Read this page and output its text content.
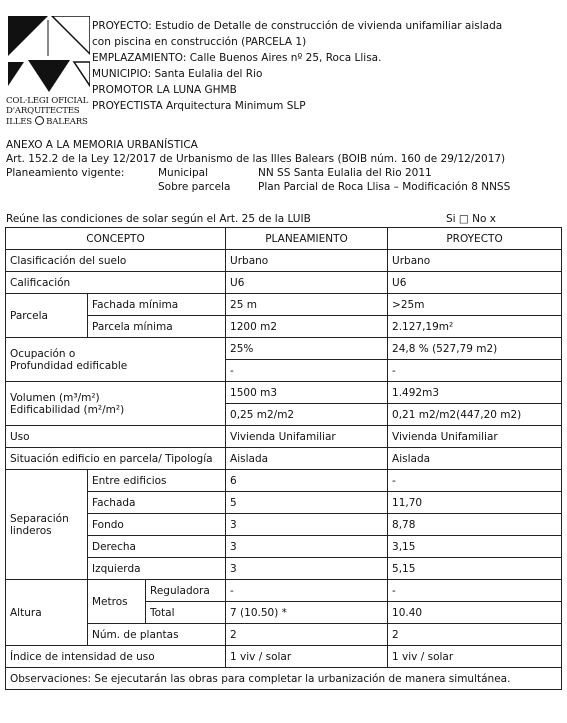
COL·LEGI OFICIAL
D'ARQUITECTES
ILLES BALEARS
PROYECTO: Estudio de Detalle de construcción de vivienda unifamiliar aislada
con piscina en construcción (PARCELA 1)
EMPLAZAMIENTO: Calle Buenos Aires nº 25, Roca Llisa.
MUNICIPIO: Santa Eulalia del Rio
PROMOTOR LA LUNA GHMB
PROYECTISTA Arquitectura Minimum SLP
ANEXO A LA MEMORIA URBANÍSTICA
Art. 152.2 de la Ley 12/2017 de Urbanismo de las Illes Balears (BOIB núm. 160 de 29/12/2017)
Planeamiento vigente:	Municipal	NN SS Santa Eulalia del Rio 2011
Sobre parcela	Plan Parcial de Roca Llisa – Modificación 8 NNSS
Reúne las condiciones de solar según el Art. 25 de la LUIB	Si □ No x
CONCEPTO			PLANEAMIENTO	PROYECTO
Clasificación del suelo			Urbano	Urbano
Calificación			U6	U6
Parcela	Fachada mínima		25 m	>25m
	Parcela mínima		1200 m2	2.127,19m²

Ocupación o
Profundidad edificable			25%	24,8 % (527,79 m2)
			-	-

Volumen (m³/m²)
Edificabilidad (m²/m²)			1500 m3	1.492m3
			0,25 m2/m2	0,21 m2/m2(447,20 m2)
Uso			Vivienda Unifamiliar	Vivienda Unifamiliar
Situación edificio en parcela/ Tipología			Aislada	Aislada

Separación
linderos	Entre edificios		6	-
	Fachada		5	11,70
	Fondo		3	8,78
	Derecha		3	3,15
	Izquierda		3	5,15
Altura	Metros	Reguladora	-	-
		Total	7 (10.50) *	10.40
	Núm. de plantas		2	2
Índice de intensidad de uso			1 viv / solar	1 viv / solar
Observaciones: Se ejecutarán las obras para completar la urbanización de manera simultánea.				
